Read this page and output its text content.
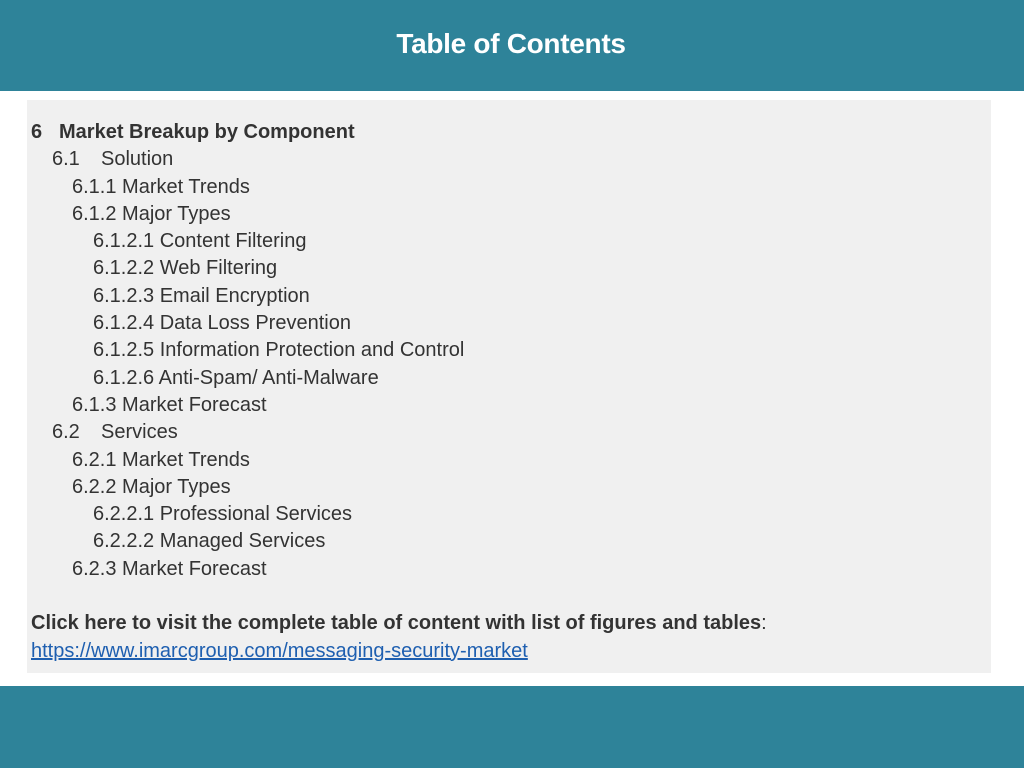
Table of Contents
6 Market Breakup by Component
6.1 Solution
6.1.1 Market Trends
6.1.2 Major Types
6.1.2.1 Content Filtering
6.1.2.2 Web Filtering
6.1.2.3 Email Encryption
6.1.2.4 Data Loss Prevention
6.1.2.5 Information Protection and Control
6.1.2.6 Anti-Spam/ Anti-Malware
6.1.3 Market Forecast
6.2 Services
6.2.1 Market Trends
6.2.2 Major Types
6.2.2.1 Professional Services
6.2.2.2 Managed Services
6.2.3 Market Forecast
Click here to visit the complete table of content with list of figures and tables:
https://www.imarcgroup.com/messaging-security-market
